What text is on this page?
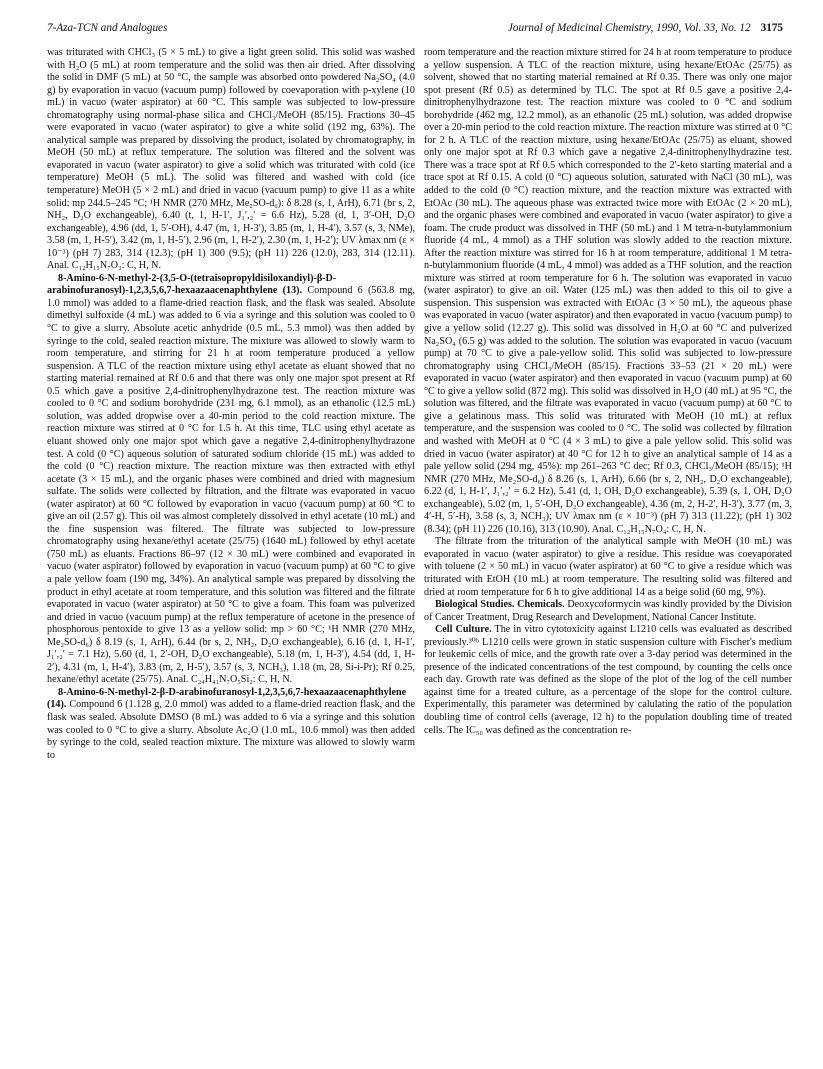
7-Aza-TCN and Analogues	Journal of Medicinal Chemistry, 1990, Vol. 33, No. 12 3175

was triturated with CHCl₃ (5 × 5 mL) to give a light green solid. This solid was washed with H₂O (5 mL) at room temperature and the solid was then air dried. After dissolving the solid in DMF (5 mL) at 50 °C, the sample was absorbed onto powdered Na₂SO₄ (4.0 g) by evaporation in vacuo (vacuum pump) followed by coevaporation with p-xylene (10 mL) in vacuo (water aspirator) at 60 °C. This sample was subjected to low-pressure chromatography using normal-phase silica and CHCl₃/MeOH (85/15). Fractions 30–45 were evaporated in vacuo (water aspirator) to give a white solid (192 mg, 63%). The analytical sample was prepared by dissolving the product, isolated by chromatography, in MeOH (50 mL) at reflux temperature. The solution was filtered and the solvent was evaporated in vacuo (water aspirator) to give a solid which was triturated with cold (ice temperature) MeOH (5 mL). The solid was filtered and washed with cold (ice temperature) MeOH (5 × 2 mL) and dried in vacuo (vacuum pump) to give 11 as a white solid: mp 244.5–245 °C; ¹H NMR (270 MHz, Me₂SO-d₆): δ 8.28 (s, 1, ArH), 6.71 (br s, 2, NH₂, D₂O exchangeable), 6.40 (t, 1, H-1′, J₁′,₂′ = 6.6 Hz), 5.28 (d, 1, 3′-OH, D₂O exchangeable), 4.96 (dd, 1, 5′-OH), 4.47 (m, 1, H-3′), 3.85 (m, 1, H-4′), 3.57 (s, 3, NMe), 3.58 (m, 1, H-5′), 3.42 (m, 1, H-5′), 2.96 (m, 1, H-2′), 2.30 (m, 1, H-2′); UV λmax nm (ε × 10⁻³) (pH 7) 283, 314 (12.3); (pH 1) 300 (9.5); (pH 11) 226 (12.0), 283, 314 (12.11). Anal. C₁₂H₁₅N₇O₃: C, H, N.

8-Amino-6-N-methyl-2-(3,5-O-(tetraisopropyldisiloxandiyl)-β-D-arabinofuranosyl)-1,2,3,5,6,7-hexaazaacenaphthylene (13). Compound 6 (563.8 mg, 1.0 mmol) was added to a flame-dried reaction flask, and the flask was sealed. Absolute dimethyl sulfoxide (4 mL) was added to 6 via a syringe and this solution was cooled to 0 °C to give a slurry. Absolute acetic anhydride (0.5 mL, 5.3 mmol) was then added by syringe to the cold, sealed reaction mixture. The mixture was allowed to slowly warm to room temperature, and stirring for 21 h at room temperature produced a yellow suspension. A TLC of the reaction mixture using ethyl acetate as eluant showed that no starting material remained at Rf 0.6 and that there was only one major spot present at Rf 0.5 which gave a positive 2,4-dinitrophenylhydrazone test. The reaction mixture was cooled to 0 °C and sodium borohydride (231 mg, 6.1 mmol), as an ethanolic (12.5 mL) solution, was added dropwise over a 40-min period to the cold reaction mixture. The reaction mixture was stirred at 0 °C for 1.5 h. At this time, TLC using ethyl acetate as eluant showed only one major spot which gave a negative 2,4-dinitrophenylhydrazone test. A cold (0 °C) aqueous solution of saturated sodium chloride (15 mL) was added to the cold (0 °C) reaction mixture. The reaction mixture was then extracted with ethyl acetate (3 × 15 mL), and the organic phases were combined and dried with magnesium sulfate. The solids were collected by filtration, and the filtrate was evaporated in vacuo (water aspirator) at 60 °C followed by evaporation in vacuo (vacuum pump) at 60 °C to give an oil (2.57 g). This oil was almost completely dissolved in ethyl acetate (10 mL) and the fine suspension was filtered. The filtrate was subjected to low-pressure chromatography using hexane/ethyl acetate (25/75) (1640 mL) followed by ethyl acetate (750 mL) as eluants. Fractions 86–97 (12 × 30 mL) were combined and evaporated in vacuo (water aspirator) followed by evaporation in vacuo (vacuum pump) at 60 °C to give a pale yellow foam (190 mg, 34%). An analytical sample was prepared by dissolving the product in ethyl acetate at room temperature, and this solution was filtered and the filtrate evaporated in vacuo (water aspirator) at 50 °C to give a foam. This foam was pulverized and dried in vacuo (vacuum pump) at the reflux temperature of acetone in the presence of phosphorous pentoxide to give 13 as a yellow solid: mp > 60 °C; ¹H NMR (270 MHz, Me₂SO-d₆) δ 8.19 (s, 1, ArH), 6.44 (br s, 2, NH₂, D₂O exchangeable), 6.16 (d, 1, H-1′, J₁′,₂′ = 7.1 Hz), 5.60 (d, 1, 2′-OH, D₂O exchangeable), 5.18 (m, 1, H-3′), 4.54 (dd, 1, H-2′), 4.31 (m, 1, H-4′), 3.83 (m, 2, H-5′), 3.57 (s, 3, NCH₃), 1.18 (m, 28, Si-i-Pr); Rf 0.25, hexane/ethyl acetate (25/75). Anal. C₂₄H₄₁N₇O₅Si₂: C, H, N.

8-Amino-6-N-methyl-2-β-D-arabinofuranosyl-1,2,3,5,6,7-hexaazaacenaphthylene (14). Compound 6 (1.128 g, 2.0 mmol) was added to a flame-dried reaction flask, and the flask was sealed. Absolute DMSO (8 mL) was added to 6 via a syringe and this solution was cooled to 0 °C to give a slurry. Absolute Ac₂O (1.0 mL, 10.6 mmol) was then added by syringe to the cold, sealed reaction mixture. The mixture was allowed to slowly warm to

room temperature and the reaction mixture stirred for 24 h at room temperature to produce a yellow suspension. A TLC of the reaction mixture, using hexane/EtOAc (25/75) as solvent, showed that no starting material remained at Rf 0.35. There was only one major spot present (Rf 0.5) as determined by TLC. The spot at Rf 0.5 gave a positive 2,4-dinitrophenylhydrazone test. The reaction mixture was cooled to 0 °C and sodium borohydride (462 mg, 12.2 mmol), as an ethanolic (25 mL) solution, was added dropwise over a 20-min period to the cold reaction mixture. The reaction mixture was stirred at 0 °C for 2 h. A TLC of the reaction mixture, using hexane/EtOAc (25/75) as eluant, showed only one major spot at Rf 0.3 which gave a negative 2,4-dinitrophenylhydrazine test. There was a trace spot at Rf 0.5 which corresponded to the 2′-keto starting material and a trace spot at Rf 0.15. A cold (0 °C) aqueous solution, saturated with NaCl (30 mL), was added to the cold (0 °C) reaction mixture, and the reaction mixture was extracted with EtOAc (30 mL). The aqueous phase was extracted twice more with EtOAc (2 × 20 mL), and the organic phases were combined and evaporated in vacuo (water aspirator) to give a foam. The crude product was dissolved in THF (50 mL) and 1 M tetra-n-butylammonium fluoride (4 mL, 4 mmol) as a THF solution was slowly added to the reaction mixture. After the reaction mixture was stirred for 16 h at room temperature, additional 1 M tetra-n-butylammonium fluoride (4 mL, 4 mmol) was added as a THF solution, and the reaction mixture was stirred at room temperature for 6 h. The solution was evaporated in vacuo (water aspirator) to give an oil. Water (125 mL) was then added to this oil to give a suspension. This suspension was extracted with EtOAc (3 × 50 mL), the aqueous phase was evaporated in vacuo (water aspirator) and then evaporated in vacuo (vacuum pump) to give a yellow solid (12.27 g). This solid was dissolved in H₂O at 60 °C and pulverized Na₂SO₄ (6.5 g) was added to the solution. The solution was evaporated in vacuo (vacuum pump) at 70 °C to give a pale-yellow solid. This solid was subjected to low-pressure chromatography using CHCl₃/MeOH (85/15). Fractions 33–53 (21 × 20 mL) were evaporated in vacuo (water aspirator) and then evaporated in vacuo (vacuum pump) at 60 °C to give a yellow solid (872 mg). This solid was dissolved in H₂O (40 mL) at 95 °C, the solution was filtered, and the filtrate was evaporated in vacuo (vacuum pump) at 60 °C to give a gelatinous mass. This solid was triturated with MeOH (10 mL) at reflux temperature, and the suspension was cooled to 0 °C. The solid was collected by filtration and washed with MeOH at 0 °C (4 × 3 mL) to give a pale yellow solid. This solid was dried in vacuo (water aspirator) at 40 °C for 12 h to give an analytical sample of 14 as a pale yellow solid (294 mg, 45%): mp 261–263 °C dec; Rf 0.3, CHCl₃/MeOH (85/15); ¹H NMR (270 MHz, Me₂SO-d₆) δ 8.26 (s, 1, ArH), 6.66 (br s, 2, NH₂, D₂O exchangeable), 6.22 (d, 1, H-1′, J₁′,₂′ = 6.2 Hz), 5.41 (d, 1, OH, D₂O exchangeable), 5.39 (s, 1, OH, D₂O exchangeable), 5.02 (m, 1, 5′-OH, D₂O exchangeable), 4.36 (m, 2, H-2′, H-3′), 3.77 (m, 3, 4′-H, 5′-H), 3.58 (s, 3, NCH₃); UV λmax nm (ε × 10⁻³) (pH 7) 313 (11.22); (pH 1) 302 (8.34); (pH 11) 226 (10.16), 313 (10.90). Anal. C₁₂H₁₅N₇O₄: C, H, N.

The filtrate from the trituration of the analytical sample with MeOH (10 mL) was evaporated in vacuo (water aspirator) to give a residue. This residue was coevaporated with toluene (2 × 50 mL) in vacuo (water aspirator) at 60 °C to give a residue which was triturated with EtOH (10 mL) at room temperature. The resulting solid was filtered and dried at room temperature for 6 h to give additional 14 as a beige solid (60 mg, 9%).

Biological Studies. Chemicals. Deoxycoformycin was kindly provided by the Division of Cancer Treatment, Drug Research and Development, National Cancer Institute.

Cell Culture. The in vitro cytotoxicity against L1210 cells was evaluated as described previously.³⁰ᵇ L1210 cells were grown in static suspension culture with Fischer's medium for leukemic cells of mice, and the growth rate over a 3-day period was determined in the presence of the indicated concentrations of the test compound, by counting the cells once each day. Growth rate was defined as the slope of the plot of the log of the cell number against time for a treated culture, as a percentage of the slope for the control culture. Experimentally, this parameter was determined by calulating the ratio of the population doubling time of control cells (average, 12 h) to the population doubling time of treated cells. The IC₅₀ was defined as the concentration re-
